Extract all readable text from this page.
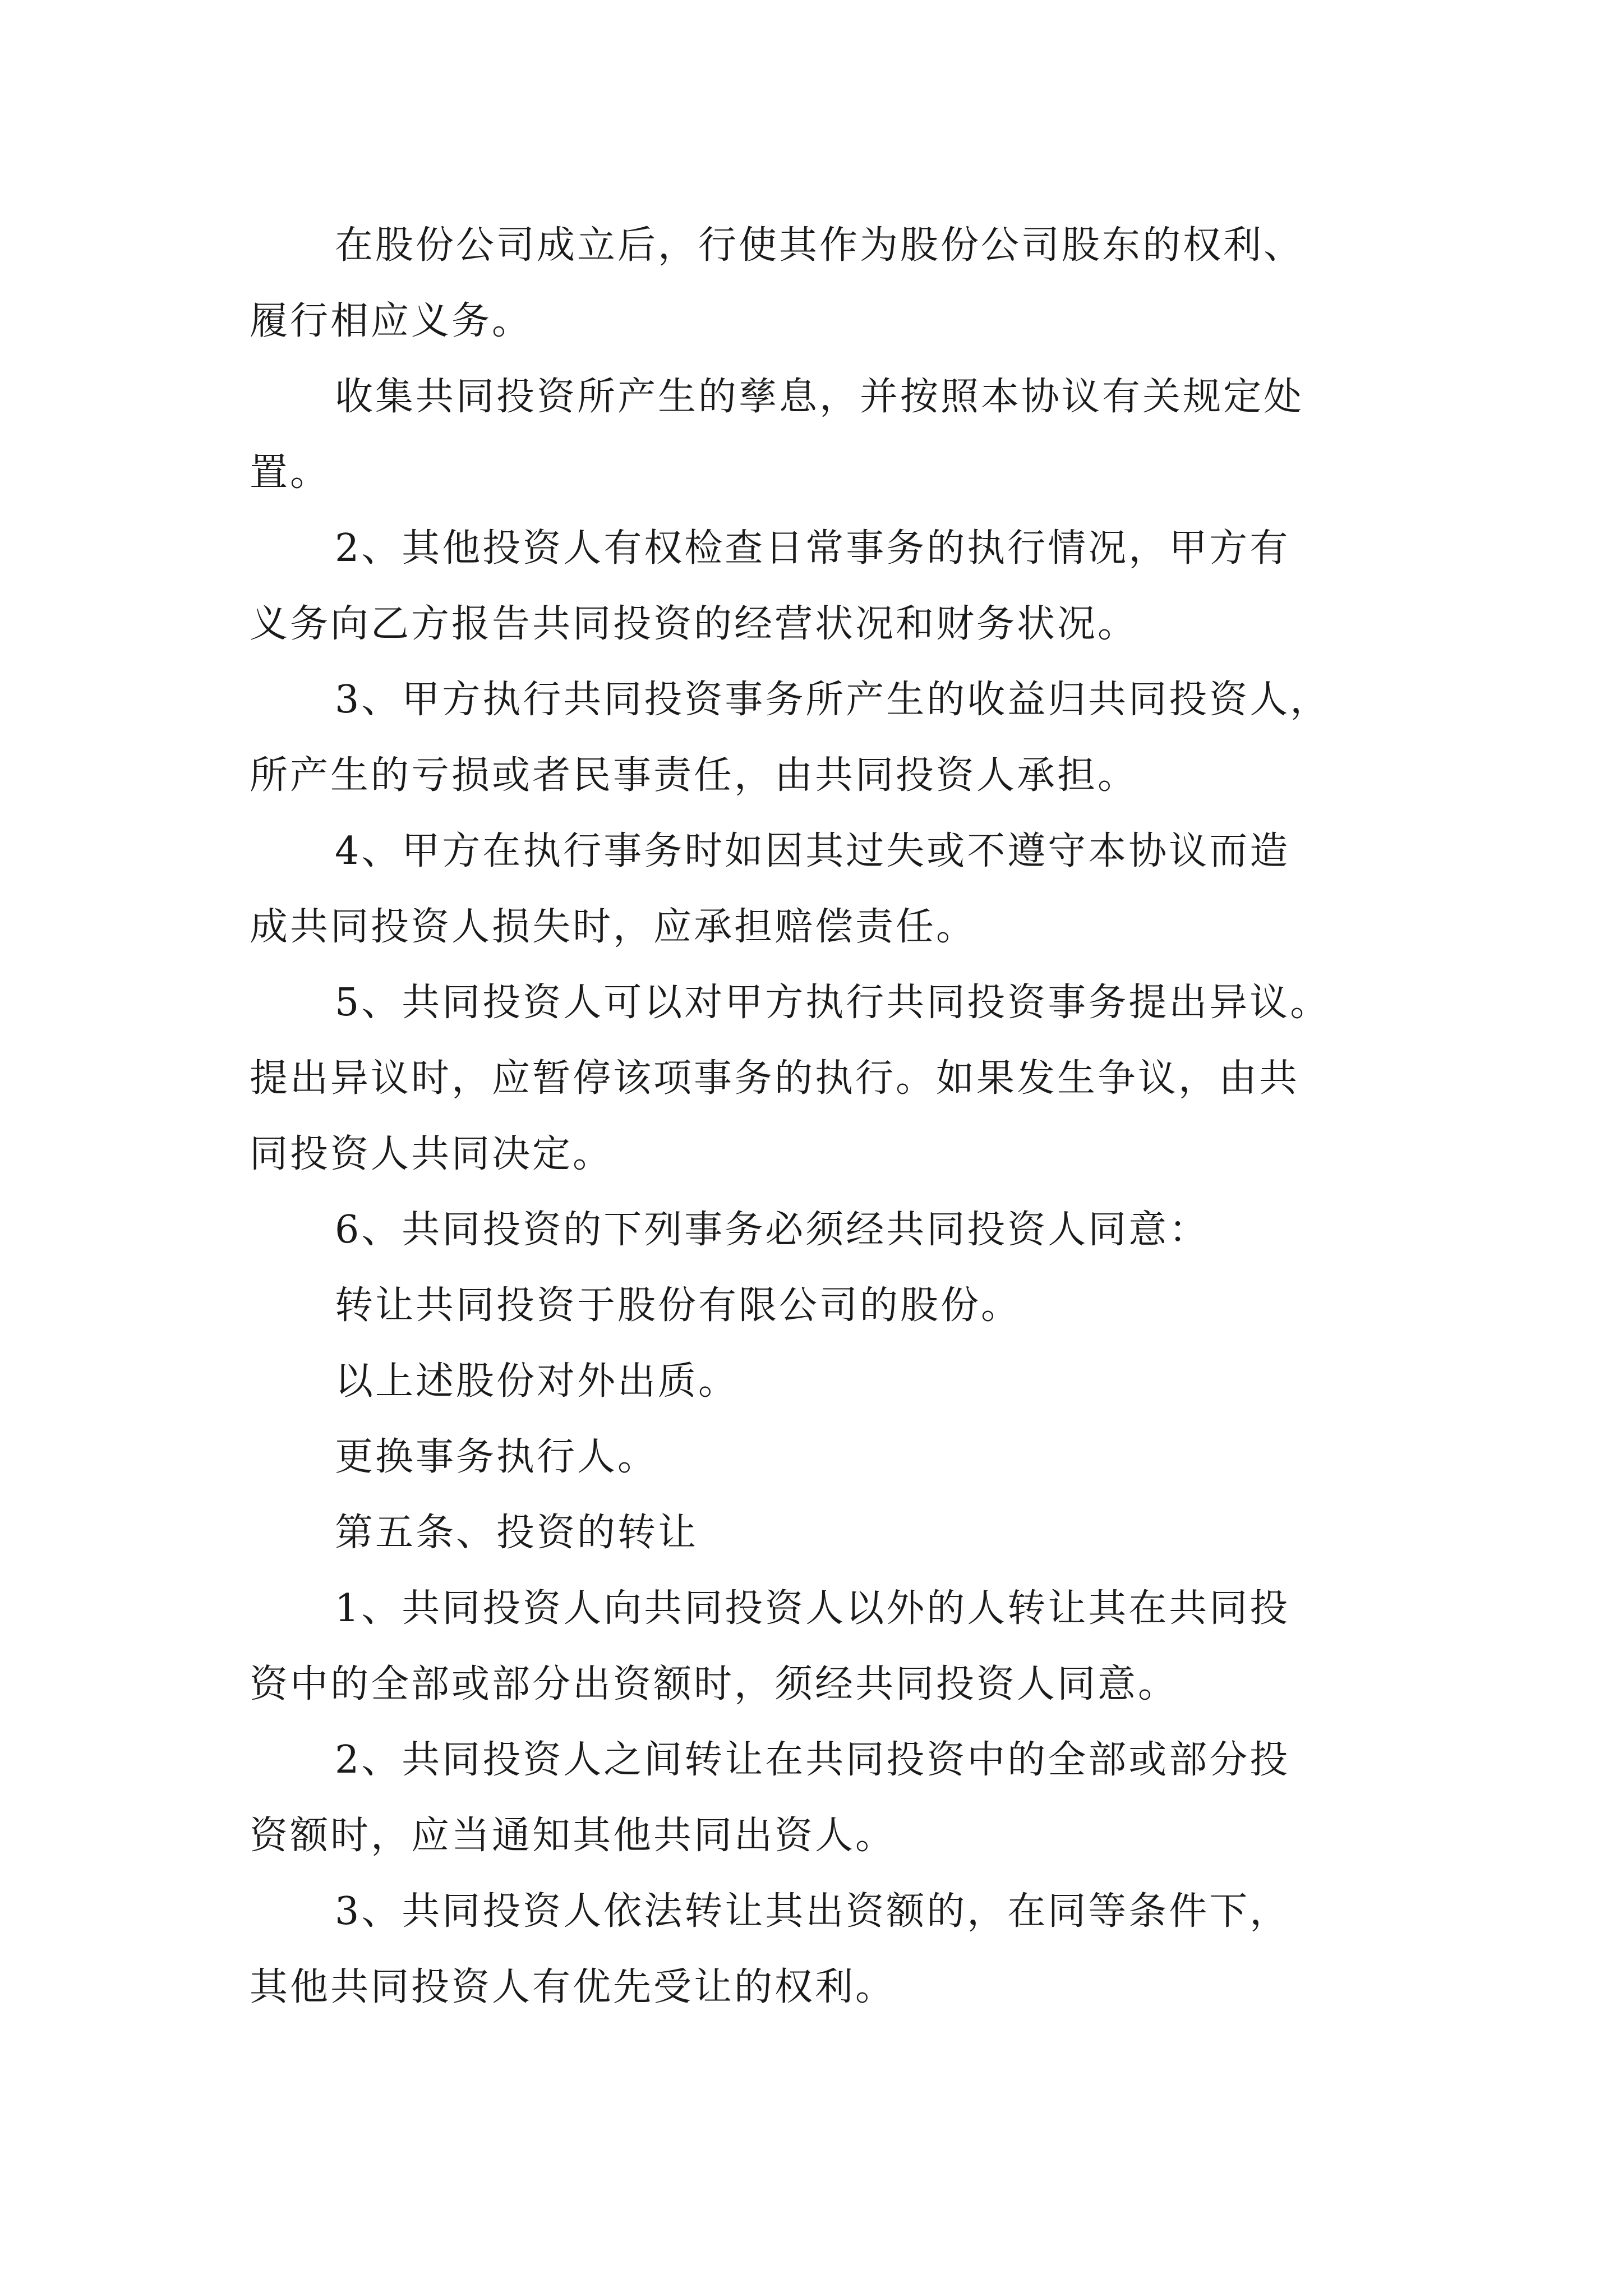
在股份公司成立后，行使其作为股份公司股东的权利、
履行相应义务。
收集共同投资所产生的孳息，并按照本协议有关规定处
置。
2、其他投资人有权检查日常事务的执行情况，甲方有
义务向乙方报告共同投资的经营状况和财务状况。
3、甲方执行共同投资事务所产生的收益归共同投资人，
所产生的亏损或者民事责任，由共同投资人承担。
4、甲方在执行事务时如因其过失或不遵守本协议而造
成共同投资人损失时，应承担赔偿责任。
5、共同投资人可以对甲方执行共同投资事务提出异议。
提出异议时，应暂停该项事务的执行。如果发生争议，由共
同投资人共同决定。
6、共同投资的下列事务必须经共同投资人同意：
转让共同投资于股份有限公司的股份。
以上述股份对外出质。
更换事务执行人。
第五条、投资的转让
1、共同投资人向共同投资人以外的人转让其在共同投
资中的全部或部分出资额时，须经共同投资人同意。
2、共同投资人之间转让在共同投资中的全部或部分投
资额时，应当通知其他共同出资人。
3、共同投资人依法转让其出资额的，在同等条件下，
其他共同投资人有优先受让的权利。
